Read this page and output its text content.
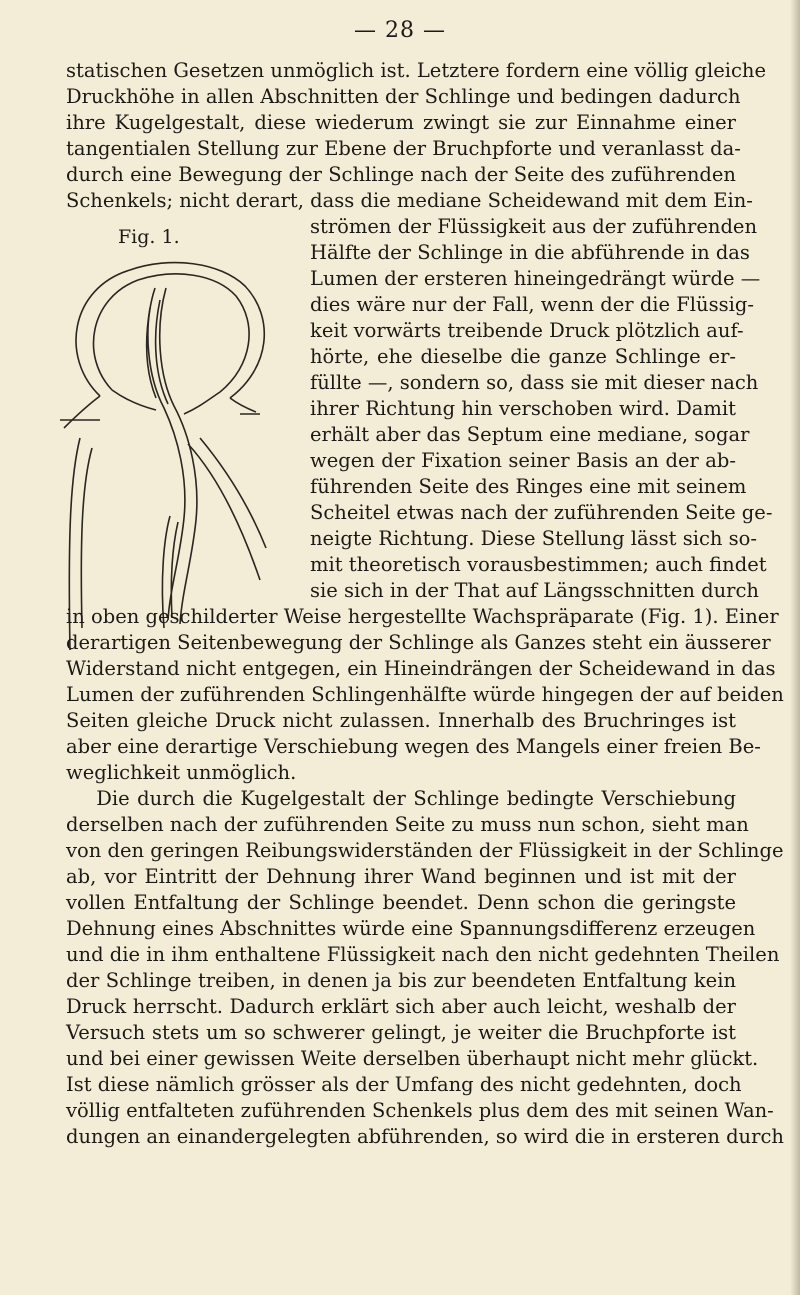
— 28 —
statischen Gesetzen unmöglich ist. Letztere fordern eine völlig gleiche
Druckhöhe in allen Abschnitten der Schlinge und bedingen dadurch
ihre Kugelgestalt, diese wiederum zwingt sie zur Einnahme einer
tangentialen Stellung zur Ebene der Bruchpforte und veranlasst da-
durch eine Bewegung der Schlinge nach der Seite des zuführenden
Schenkels; nicht derart, dass die mediane Scheidewand mit dem Ein-
Fig. 1.	strömen der Flüssigkeit aus der zuführenden
Hälfte der Schlinge in die abführende in das
Lumen der ersteren hineingedrängt würde —
dies wäre nur der Fall, wenn der die Flüssig-
keit vorwärts treibende Druck plötzlich auf-
hörte, ehe dieselbe die ganze Schlinge er-
füllte —, sondern so, dass sie mit dieser nach
ihrer Richtung hin verschoben wird. Damit
erhält aber das Septum eine mediane, sogar
wegen der Fixation seiner Basis an der ab-
führenden Seite des Ringes eine mit seinem
Scheitel etwas nach der zuführenden Seite ge-
neigte Richtung. Diese Stellung lässt sich so-
mit theoretisch vorausbestimmen; auch findet
sie sich in der That auf Längsschnitten durch
in oben geschilderter Weise hergestellte Wachspräparate (Fig. 1). Einer
derartigen Seitenbewegung der Schlinge als Ganzes steht ein äusserer
Widerstand nicht entgegen, ein Hineindrängen der Scheidewand in das
Lumen der zuführenden Schlingenhälfte würde hingegen der auf beiden
Seiten gleiche Druck nicht zulassen. Innerhalb des Bruchringes ist
aber eine derartige Verschiebung wegen des Mangels einer freien Be-
weglichkeit unmöglich.
Die durch die Kugelgestalt der Schlinge bedingte Verschiebung
derselben nach der zuführenden Seite zu muss nun schon, sieht man
von den geringen Reibungswiderständen der Flüssigkeit in der Schlinge
ab, vor Eintritt der Dehnung ihrer Wand beginnen und ist mit der
vollen Entfaltung der Schlinge beendet. Denn schon die geringste
Dehnung eines Abschnittes würde eine Spannungsdifferenz erzeugen
und die in ihm enthaltene Flüssigkeit nach den nicht gedehnten Theilen
der Schlinge treiben, in denen ja bis zur beendeten Entfaltung kein
Druck herrscht. Dadurch erklärt sich aber auch leicht, weshalb der
Versuch stets um so schwerer gelingt, je weiter die Bruchpforte ist
und bei einer gewissen Weite derselben überhaupt nicht mehr glückt.
Ist diese nämlich grösser als der Umfang des nicht gedehnten, doch
völlig entfalteten zuführenden Schenkels plus dem des mit seinen Wan-
dungen an einandergelegten abführenden, so wird die in ersteren durch
